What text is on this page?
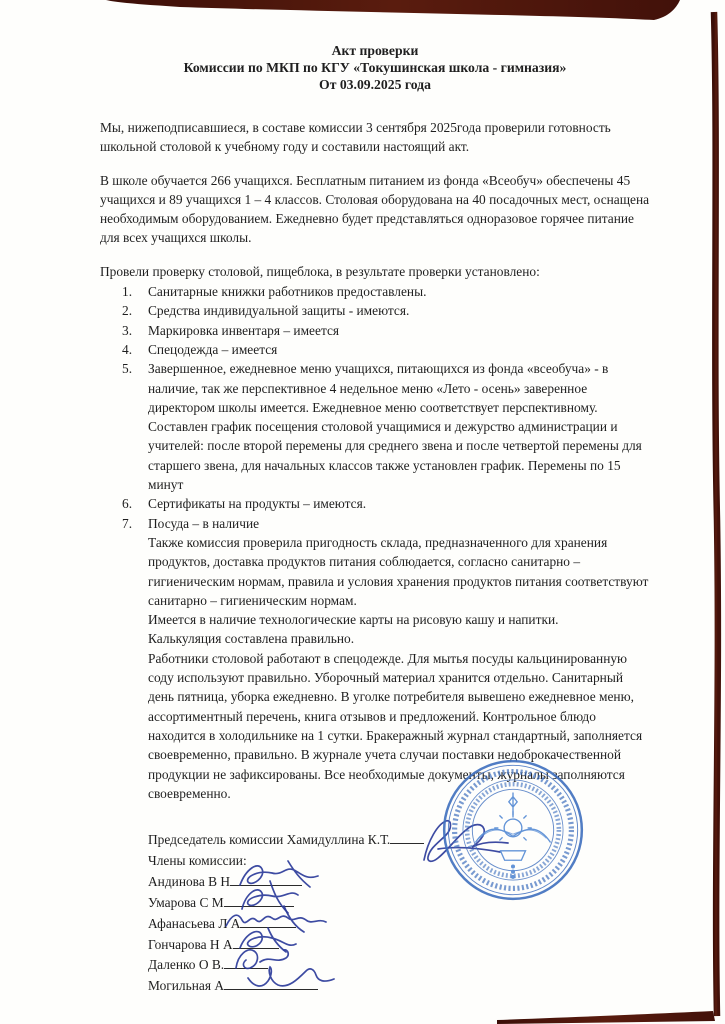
Акт проверки
Комиссии по МКП по КГУ «Токушинская школа - гимназия»
От 03.09.2025 года

Мы, нижеподписавшиеся, в составе комиссии 3 сентября 2025года проверили готовность школьной столовой к учебному году и составили настоящий акт.

В школе обучается 266 учащихся. Бесплатным питанием из фонда «Всеобуч» обеспечены 45 учащихся и 89 учащихся 1 – 4 классов. Столовая оборудована на 40 посадочных мест, оснащена необходимым оборудованием. Ежедневно будет представляться одноразовое горячее питание для всех учащихся школы.

Провели проверку столовой, пищеблока, в результате проверки установлено:

1.	Санитарные книжки работников предоставлены.
2.	Средства индивидуальной защиты - имеются.
3.	Маркировка инвентаря – имеется
4.	Спецодежда – имеется
5.	Завершенное, ежедневное меню учащихся, питающихся из фонда «всеобуча» - в наличие, так же перспективное 4 недельное меню «Лето - осень» заверенное директором школы имеется. Ежедневное меню соответствует перспективному. Составлен график посещения столовой учащимися и дежурство администрации и учителей: после второй перемены для среднего звена и после четвертой перемены для старшего звена, для начальных классов также установлен график. Перемены по 15 минут
6.	Сертификаты на продукты – имеются.
7.	Посуда – в наличие

Также комиссия проверила пригодность склада, предназначенного для хранения продуктов, доставка продуктов питания соблюдается, согласно санитарно – гигиеническим нормам, правила и условия хранения продуктов питания соответствуют санитарно – гигиеническим нормам.

Имеется в наличие технологические карты на рисовую кашу и напитки.

Калькуляция составлена правильно.

Работники столовой работают в спецодежде. Для мытья посуды кальцинированную соду используют правильно. Уборочный материал хранится отдельно. Санитарный день пятница, уборка ежедневно. В уголке потребителя вывешено ежедневное меню, ассортиментный перечень, книга отзывов и предложений. Контрольное блюдо находится в холодильнике на 1 сутки. Бракеражный журнал стандартный, заполняется своевременно, правильно. В журнале учета случаи поставки недоброкачественной продукции не зафиксированы. Все необходимые документы, журналы заполняются своевременно.

Председатель комиссии Хамидуллина К.Т.
Члены комиссии:
Андинова В Н
Умарова С М
Афанасьева Л А
Гончарова Н А
Даленко О В.
Могильная А
